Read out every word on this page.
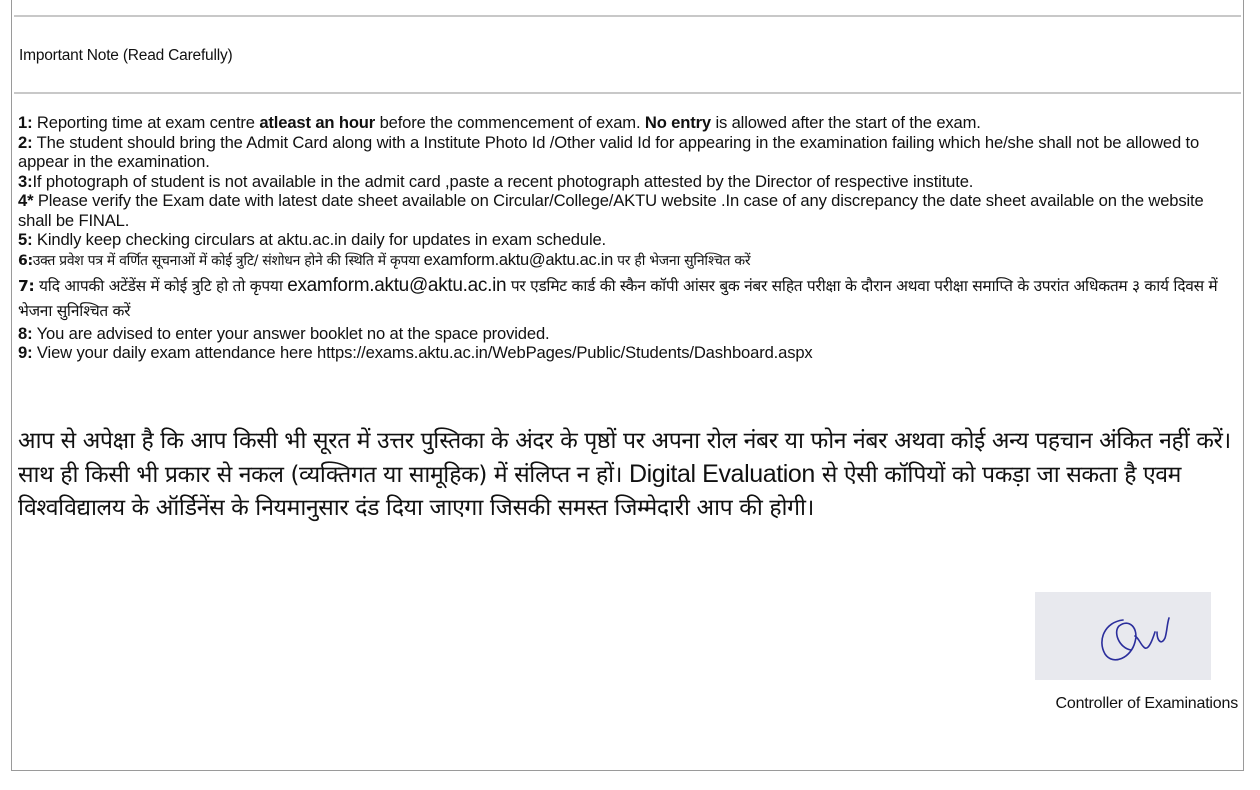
Important Note (Read Carefully)

1: Reporting time at exam centre atleast an hour before the commencement of exam. No entry is allowed after the start of the exam.

2: The student should bring the Admit Card along with a Institute Photo Id /Other valid Id for appearing in the examination failing which he/she shall not be allowed to appear in the examination.

3:If photograph of student is not available in the admit card ,paste a recent photograph attested by the Director of respective institute.

4* Please verify the Exam date with latest date sheet available on Circular/College/AKTU website .In case of any discrepancy the date sheet available on the website shall be FINAL.

5: Kindly keep checking circulars at aktu.ac.in daily for updates in exam schedule.

6:उक्त प्रवेश पत्र में वर्णित सूचनाओं में कोई त्रुटि/ संशोधन होने की स्थिति में कृपया examform.aktu@aktu.ac.in पर ही भेजना सुनिश्चित करें

7: यदि आपकी अटेंडेंस में कोई त्रुटि हो तो कृपया examform.aktu@aktu.ac.in पर एडमिट कार्ड की स्कैन कॉपी आंसर बुक नंबर सहित परीक्षा के दौरान अथवा परीक्षा समाप्ति के उपरांत अधिकतम ३ कार्य दिवस में भेजना सुनिश्चित करें

8: You are advised to enter your answer booklet no at the space provided.

9: View your daily exam attendance here https://exams.aktu.ac.in/WebPages/Public/Students/Dashboard.aspx

आप से अपेक्षा है कि आप किसी भी सूरत में उत्तर पुस्तिका के अंदर के पृष्ठों पर अपना रोल नंबर या फोन नंबर अथवा कोई अन्य पहचान अंकित नहीं करें। साथ ही किसी भी प्रकार से नकल (व्यक्तिगत या सामूहिक) में संलिप्त न हों। Digital Evaluation से ऐसी कॉपियों को पकड़ा जा सकता है एवम विश्वविद्यालय के ऑर्डिनेंस के नियमानुसार दंड दिया जाएगा जिसकी समस्त जिम्मेदारी आप की होगी।

Controller of Examinations
